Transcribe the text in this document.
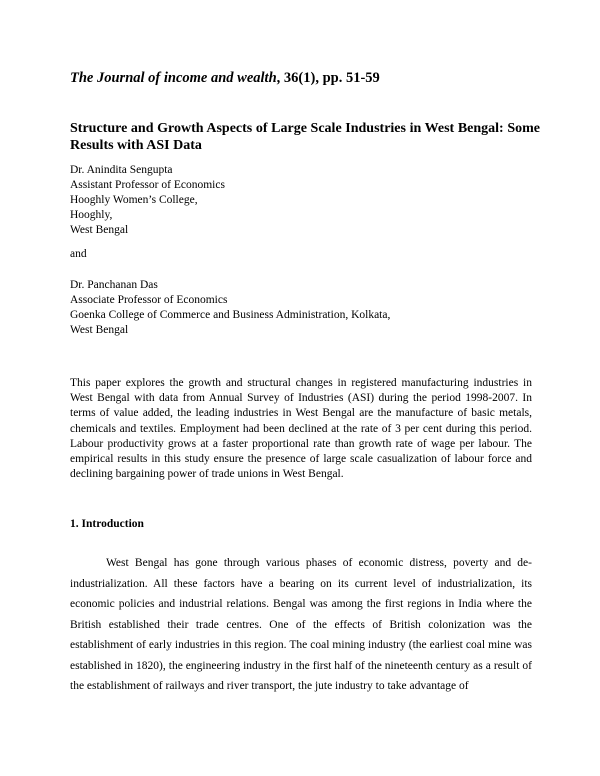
The Journal of income and wealth, 36(1), pp. 51-59
Structure and Growth Aspects of Large Scale Industries in West Bengal: Some Results with ASI Data
Dr. Anindita Sengupta
Assistant Professor of Economics
Hooghly Women’s College,
Hooghly,
West Bengal
and
Dr. Panchanan Das
Associate Professor of Economics
Goenka College of Commerce and Business Administration, Kolkata,
West Bengal
This paper explores the growth and structural changes in registered manufacturing industries in West Bengal with data from Annual Survey of Industries (ASI) during the period 1998-2007. In terms of value added, the leading industries in West Bengal are the manufacture of basic metals, chemicals and textiles. Employment had been declined at the rate of 3 per cent during this period. Labour productivity grows at a faster proportional rate than growth rate of wage per labour. The empirical results in this study ensure the presence of large scale casualization of labour force and declining bargaining power of trade unions in West Bengal.
1. Introduction
West Bengal has gone through various phases of economic distress, poverty and de-industrialization. All these factors have a bearing on its current level of industrialization, its economic policies and industrial relations. Bengal was among the first regions in India where the British established their trade centres. One of the effects of British colonization was the establishment of early industries in this region. The coal mining industry (the earliest coal mine was established in 1820), the engineering industry in the first half of the nineteenth century as a result of the establishment of railways and river transport, the jute industry to take advantage of
